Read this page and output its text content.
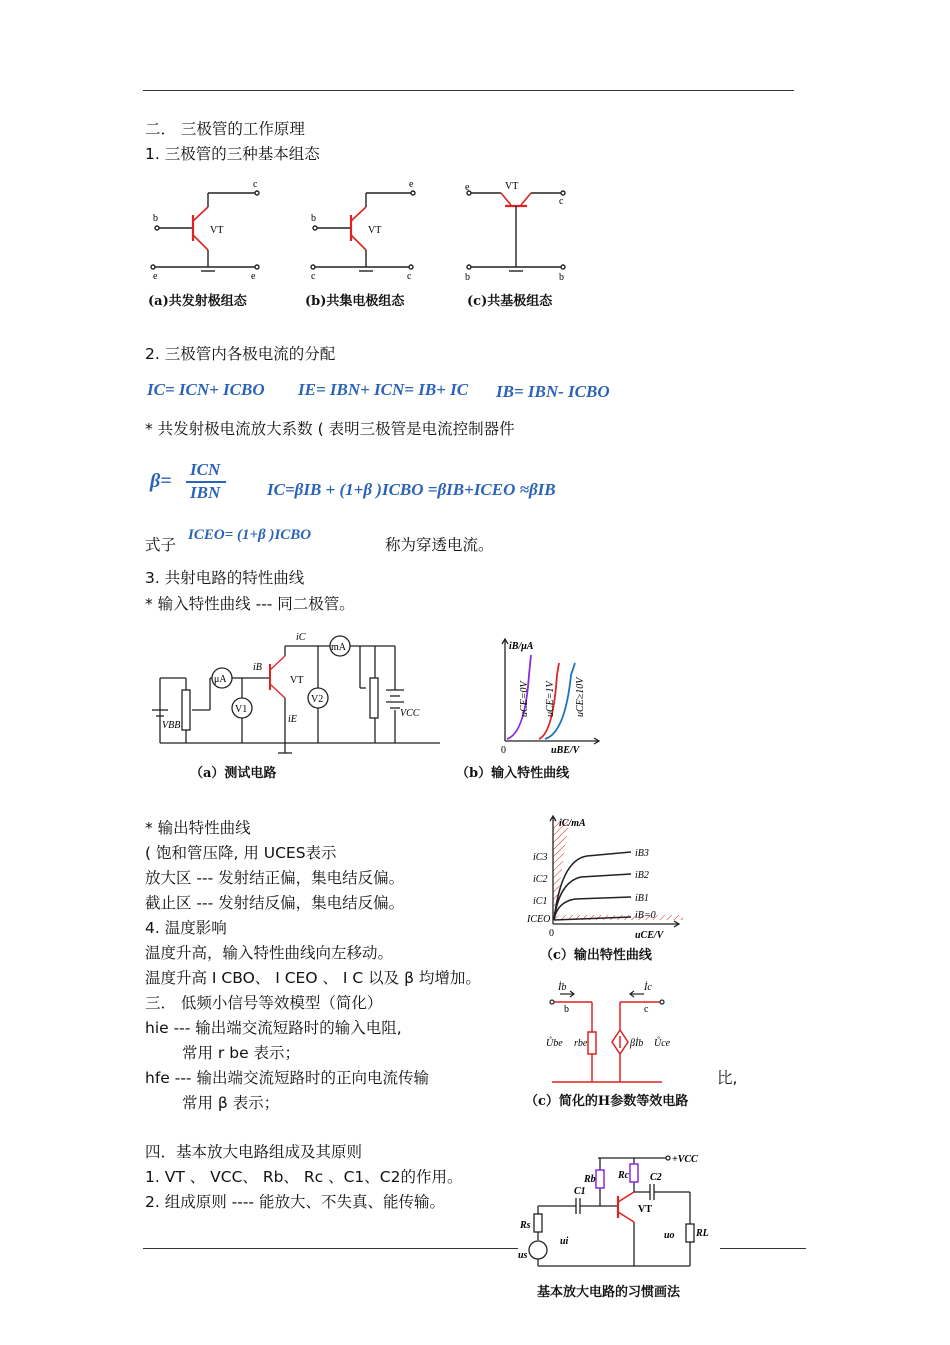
二． 三极管的工作原理
1. 三极管的三种基本组态
c
b
VT
e	e
e
b
VT
c	c
e	VT
c
b	b
(a)共发射极组态	(b)共集电极组态	(c)共基极组态
2. 三极管内各极电流的分配
IC= ICN+ ICBO IE= IBN+ ICN= IB+ IC IB= IBN- ICBO
* 共发射极电流放大系数 ( 表明三极管是电流控制器件
β=
ICN
IBN	IC=βIB + (1+β )ICBO =βIB+ICEO ≈βIB
式子
ICEO= (1+β )ICBO
称为穿透电流。
3. 共射电路的特性曲线
* 输入特性曲线 --- 同二极管。
iC
mA
μA
iB
VT
V1
V2
VBB
VCC
iE
（a）测试电路
iB/μA
uBE/V
0
uCE=0V uCE=1V uCE≥10V
（b）输入特性曲线
* 输出特性曲线
( 饱和管压降, 用 UCES表示
放大区 --- 发射结正偏，集电结反偏。
截止区 --- 发射结反偏，集电结反偏。
4. 温度影响
温度升高，输入特性曲线向左移动。
温度升高 I CBO、 I CEO 、 I C 以及 β 均增加。
iC/mA
uCE/V
0
iB3
iB2
iB1
iB=0
iC3
iC2
iC1
ICEO
（c）输出特性曲线
三． 低频小信号等效模型（简化）
hie --- 输出端交流短路时的输入电阻,
常用 r be 表示；
hfe --- 输出端交流短路时的正向电流传输	比,
常用 β 表示；
İb	İc
b	c
Ůbe	Ůce
rbe	βİb
（c）简化的H参数等效电路
四．基本放大电路组成及其原则
1. VT 、 VCC、 Rb、 Rc 、C1、C2的作用。
2. 组成原则 ---- 能放大、不失真、能传输。
+VCC
Rb Rc
C1
C2
VT
Rs
us
ui
uo RL
基本放大电路的习惯画法
